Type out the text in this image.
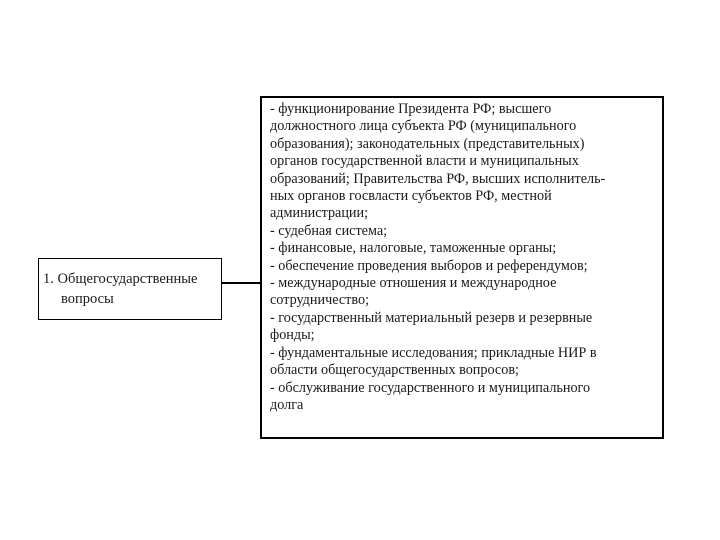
1. Общегосударственные
вопросы
- функционирование Президента РФ; высшего
должностного лица субъекта РФ (муниципального
образования); законодательных (представительных)
органов государственной власти и муниципальных
образований; Правительства РФ, высших исполнитель-
ных органов госвласти субъектов РФ, местной
администрации;
- судебная система;
- финансовые, налоговые, таможенные органы;
- обеспечение проведения выборов и референдумов;
- международные отношения и международное
сотрудничество;
- государственный материальный резерв и резервные
фонды;
- фундаментальные исследования; прикладные НИР в
области общегосударственных вопросов;
- обслуживание государственного и муниципального
долга
